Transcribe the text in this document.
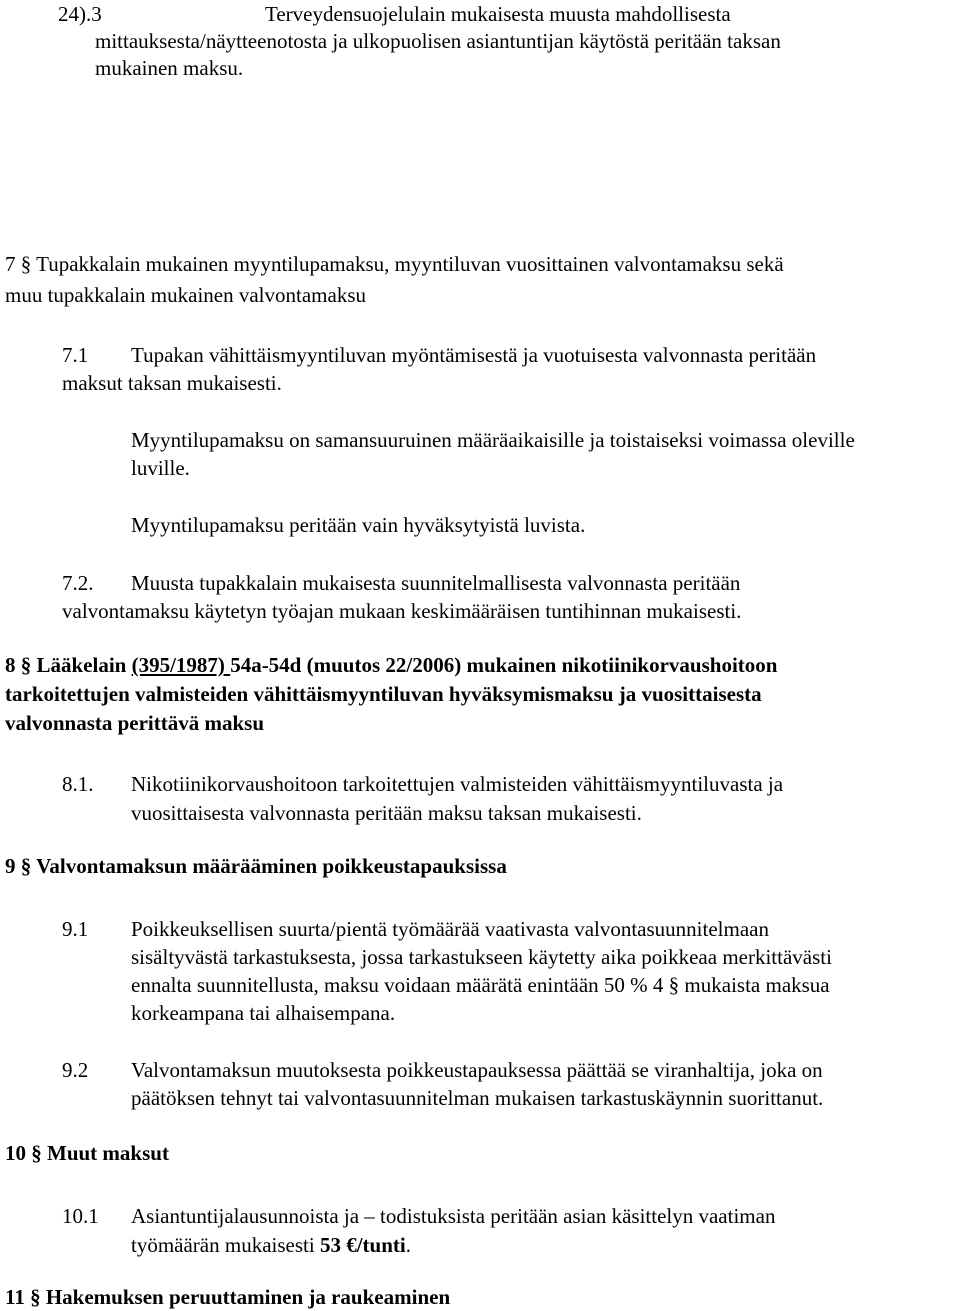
24).3	Terveydensuojelulain mukaisesta muusta mahdollisesta
mittauksesta/näytteenotosta ja ulkopuolisen asiantuntijan käytöstä peritään taksan
mukainen maksu.
7 § Tupakkalain mukainen myyntilupamaksu, myyntiluvan vuosittainen valvontamaksu sekä
muu tupakkalain mukainen valvontamaksu
7.1 Tupakan vähittäismyyntiluvan myöntämisestä ja vuotuisesta valvonnasta peritään
maksut taksan mukaisesti.
Myyntilupamaksu on samansuuruinen määräaikaisille ja toistaiseksi voimassa oleville
luville.
Myyntilupamaksu peritään vain hyväksytyistä luvista.
7.2. Muusta tupakkalain mukaisesta suunnitelmallisesta valvonnasta peritään
valvontamaksu käytetyn työajan mukaan keskimääräisen tuntihinnan mukaisesti.
8 § Lääkelain (395/1987) 54a-54d (muutos 22/2006) mukainen nikotiinikorvaushoitoon
tarkoitettujen valmisteiden vähittäismyyntiluvan hyväksymismaksu ja vuosittaisesta
valvonnasta perittävä maksu
8.1. Nikotiinikorvaushoitoon tarkoitettujen valmisteiden vähittäismyyntiluvasta ja
vuosittaisesta valvonnasta peritään maksu taksan mukaisesti.
9 § Valvontamaksun määrääminen poikkeustapauksissa
9.1 Poikkeuksellisen suurta/pientä työmäärää vaativasta valvontasuunnitelmaan
sisältyvästä tarkastuksesta, jossa tarkastukseen käytetty aika poikkeaa merkittävästi
ennalta suunnitellusta, maksu voidaan määrätä enintään 50 % 4 § mukaista maksua
korkeampana tai alhaisempana.
9.2 Valvontamaksun muutoksesta poikkeustapauksessa päättää se viranhaltija, joka on
päätöksen tehnyt tai valvontasuunnitelman mukaisen tarkastuskäynnin suorittanut.
10 § Muut maksut
10.1 Asiantuntijalausunnoista ja – todistuksista peritään asian käsittelyn vaatiman
työmäärän mukaisesti 53 €/tunti.
11 § Hakemuksen peruuttaminen ja raukeaminen
